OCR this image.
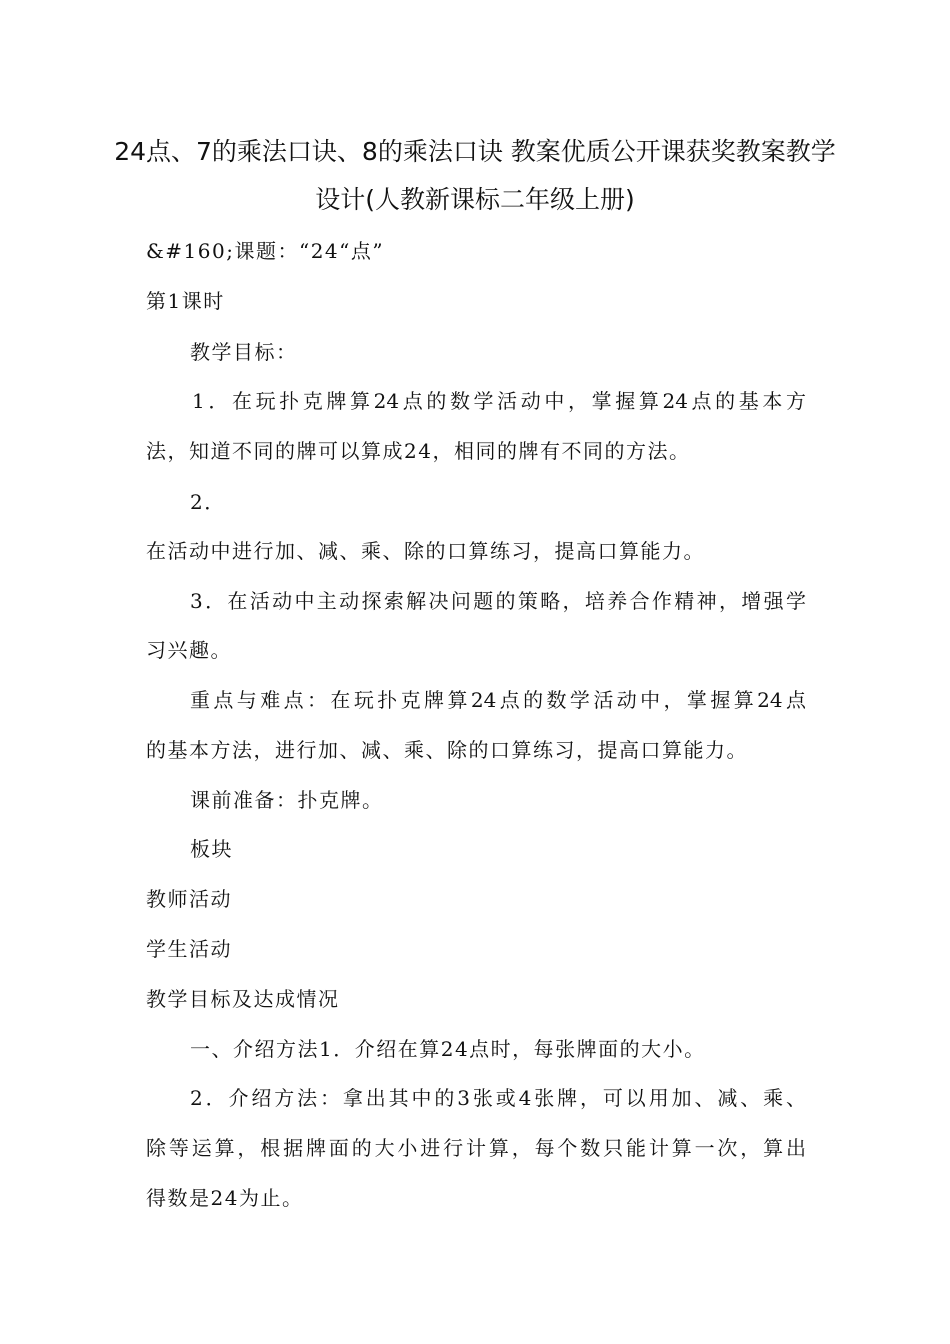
24点、7的乘法口诀、8的乘法口诀 教案优质公开课获奖教案教学
设计(人教新课标二年级上册)
&#160;课题：“24“点”
第1课时
教学目标：
1．在玩扑克牌算24点的数学活动中，掌握算24点的基本方
法，知道不同的牌可以算成24，相同的牌有不同的方法。
2．
在活动中进行加、减、乘、除的口算练习，提高口算能力。
3．在活动中主动探索解决问题的策略，培养合作精神，增强学
习兴趣。
重点与难点：在玩扑克牌算24点的数学活动中，掌握算24点
的基本方法，进行加、减、乘、除的口算练习，提高口算能力。
课前准备：扑克牌。
板块
教师活动
学生活动
教学目标及达成情况
一、介绍方法1．介绍在算24点时，每张牌面的大小。
2．介绍方法：拿出其中的3张或4张牌，可以用加、减、乘、
除等运算，根据牌面的大小进行计算，每个数只能计算一次，算出
得数是24为止。
